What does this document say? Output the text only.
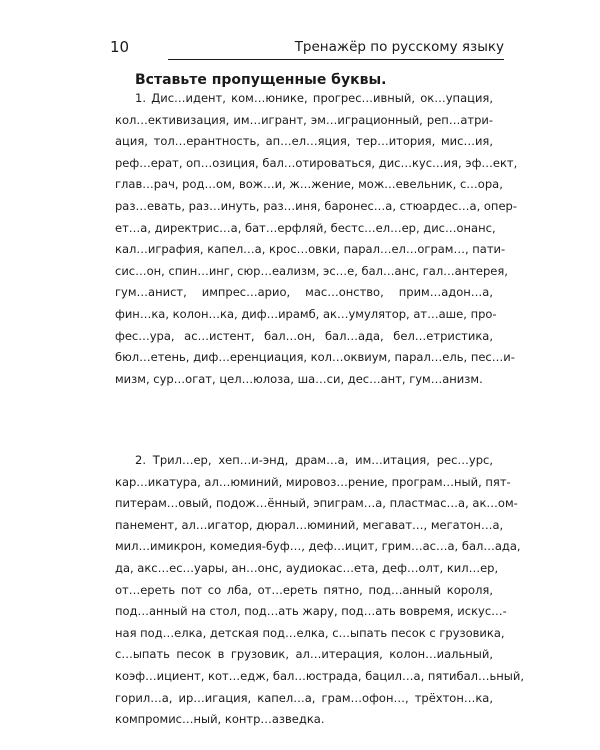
10	Тренажёр по русскому языку
Вставьте пропущенные буквы.
1. Дис…идент, ком…юнике, прогрес…ивный, ок…упация,
кол…ективизация, им…игрант, эм…играционный, реп…атри-
ация, тол…ерантность, ап…ел…яция, тер…итория, мис…ия,
реф…ерат, оп…озиция, бал…отироваться, дис…кус…ия, эф…ект,
глав…рач, род…ом, вож…и, ж…жение, мож…евельник, с…ора,
раз…евать, раз…инуть, раз…иня, баронес…а, стюардес…а, опер-
ет…а, директрис…а, бат…ерфляй, бестс…ел…ер, дис…онанс,
кал…играфия, капел…а, крос…овки, парал…ел…ограм…, пати-
сис…он, спин…инг, сюр…еализм, эс…е, бал…анс, гал…антерея,
гум…анист, импрес…арио, мас…онство, прим…адон…а,
фин…ка, колон…ка, диф…ирамб, ак…умулятор, ат…аше, про-
фес…ура, ас…истент, бал…он, бал…ада, бел…етристика,
бюл…етень, диф…еренциация, кол…оквиум, парал…ель, пес…и-
мизм, сур…огат, цел…юлоза, ша…си, дес…ант, гум…анизм.
2. Трил…ер, хеп…и-энд, драм…а, им…итация, рес…урс,
кар…икатура, ал…юминий, мировоз…рение, програм…ный, пят-
питерам…овый, подож…ённый, эпиграм…а, пластмас…а, ак…ом-
панемент, ал…игатор, дюрал…юминий, мегават…, мегатон…а,
мил…имикрон, комедия-буф…, деф…ицит, грим…ас…а, бал…ада,
да, акс…ес…уары, ан…онс, аудиокас…ета, деф…олт, кил…ер,
от…ереть пот со лба, от…ереть пятно, под…анный короля,
под…анный на стол, под…ать жару, под…ать вовремя, искус…-
ная под…елка, детская под…елка, с…ыпать песок с грузовика,
с…ыпать песок в грузовик, ал…итерация, колон…иальный,
коэф…ициент, кот…едж, бал…юстрада, бацил…а, пятибал…ьный,
горил…а, ир…игация, капел…а, грам…офон…, трёхтон…ка,
компромис…ный, контр…азведка.
